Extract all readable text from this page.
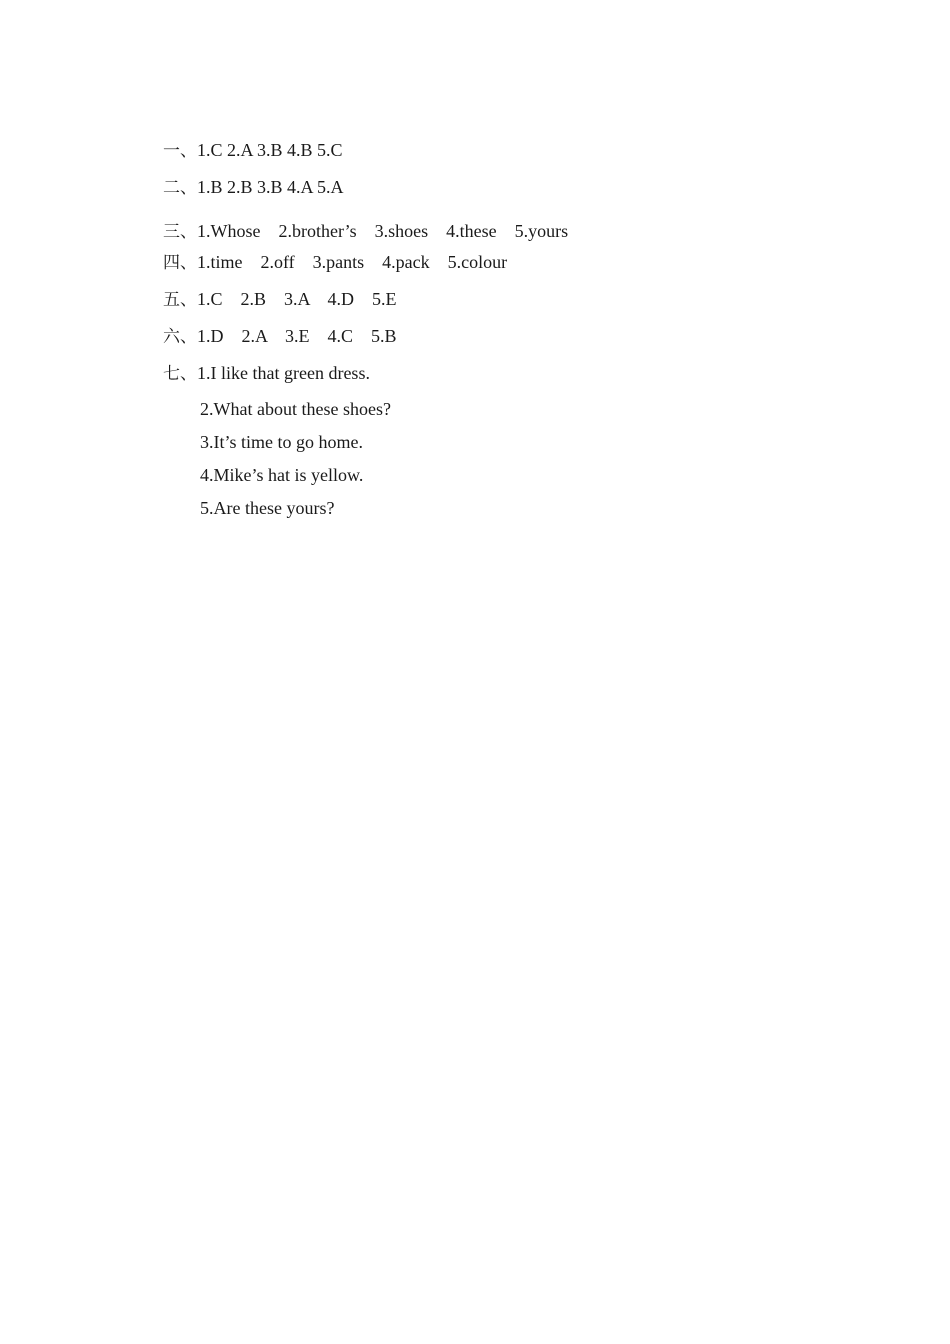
一、1.C 2.A 3.B 4.B 5.C

二、1.B 2.B 3.B 4.A 5.A

三、1.Whose    2.brother’s    3.shoes    4.these    5.yours

四、1.time    2.off    3.pants    4.pack    5.colour

五、1.C    2.B    3.A    4.D    5.E

六、1.D    2.A    3.E    4.C    5.B

七、1.I like that green dress.

2.What about these shoes?

3.It’s time to go home.

4.Mike’s hat is yellow.

5.Are these yours?
